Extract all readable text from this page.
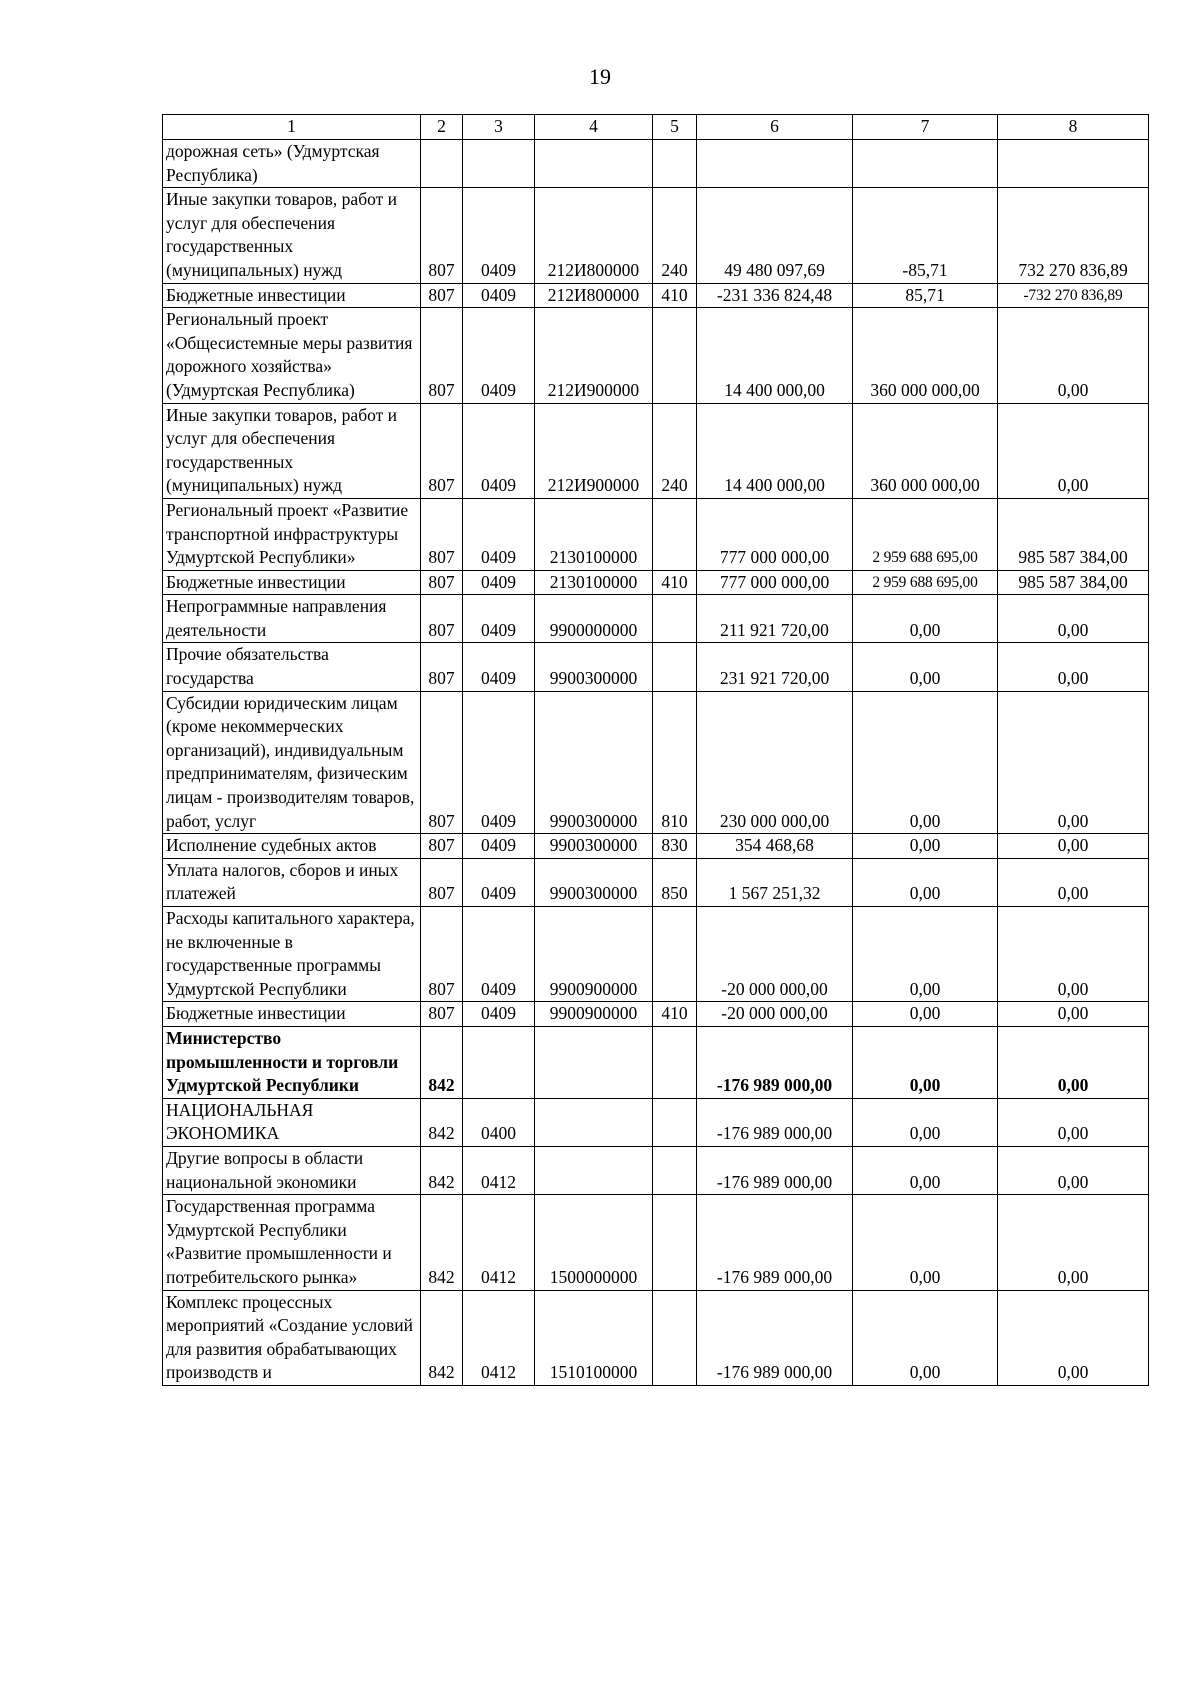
19
1	2	3	4	5	6	7	8
дорожная сеть» (Удмуртская Республика)							
Иные закупки товаров, работ и услуг для обеспечения государственных (муниципальных) нужд	807	0409	212И800000	240	49 480 097,69	-85,71	732 270 836,89
Бюджетные инвестиции	807	0409	212И800000	410	-231 336 824,48	85,71	-732 270 836,89
Региональный проект «Общесистемные меры развития дорожного хозяйства» (Удмуртская Республика)	807	0409	212И900000		14 400 000,00	360 000 000,00	0,00
Иные закупки товаров, работ и услуг для обеспечения государственных (муниципальных) нужд	807	0409	212И900000	240	14 400 000,00	360 000 000,00	0,00
Региональный проект «Развитие транспортной инфраструктуры Удмуртской Республики»	807	0409	2130100000		777 000 000,00	2 959 688 695,00	985 587 384,00
Бюджетные инвестиции	807	0409	2130100000	410	777 000 000,00	2 959 688 695,00	985 587 384,00
Непрограммные направления деятельности	807	0409	9900000000		211 921 720,00	0,00	0,00
Прочие обязательства государства	807	0409	9900300000		231 921 720,00	0,00	0,00
Субсидии юридическим лицам (кроме некоммерческих организаций), индивидуальным предпринимателям, физическим лицам - производителям товаров, работ, услуг	807	0409	9900300000	810	230 000 000,00	0,00	0,00
Исполнение судебных актов	807	0409	9900300000	830	354 468,68	0,00	0,00
Уплата налогов, сборов и иных платежей	807	0409	9900300000	850	1 567 251,32	0,00	0,00
Расходы капитального характера, не включенные в государственные программы Удмуртской Республики	807	0409	9900900000		-20 000 000,00	0,00	0,00
Бюджетные инвестиции	807	0409	9900900000	410	-20 000 000,00	0,00	0,00
Министерство промышленности и торговли Удмуртской Республики	842				-176 989 000,00	0,00	0,00
НАЦИОНАЛЬНАЯ ЭКОНОМИКА	842	0400			-176 989 000,00	0,00	0,00
Другие вопросы в области национальной экономики	842	0412			-176 989 000,00	0,00	0,00
Государственная программа Удмуртской Республики «Развитие промышленности и потребительского рынка»	842	0412	1500000000		-176 989 000,00	0,00	0,00
Комплекс процессных мероприятий «Создание условий для развития обрабатывающих производств и	842	0412	1510100000		-176 989 000,00	0,00	0,00
